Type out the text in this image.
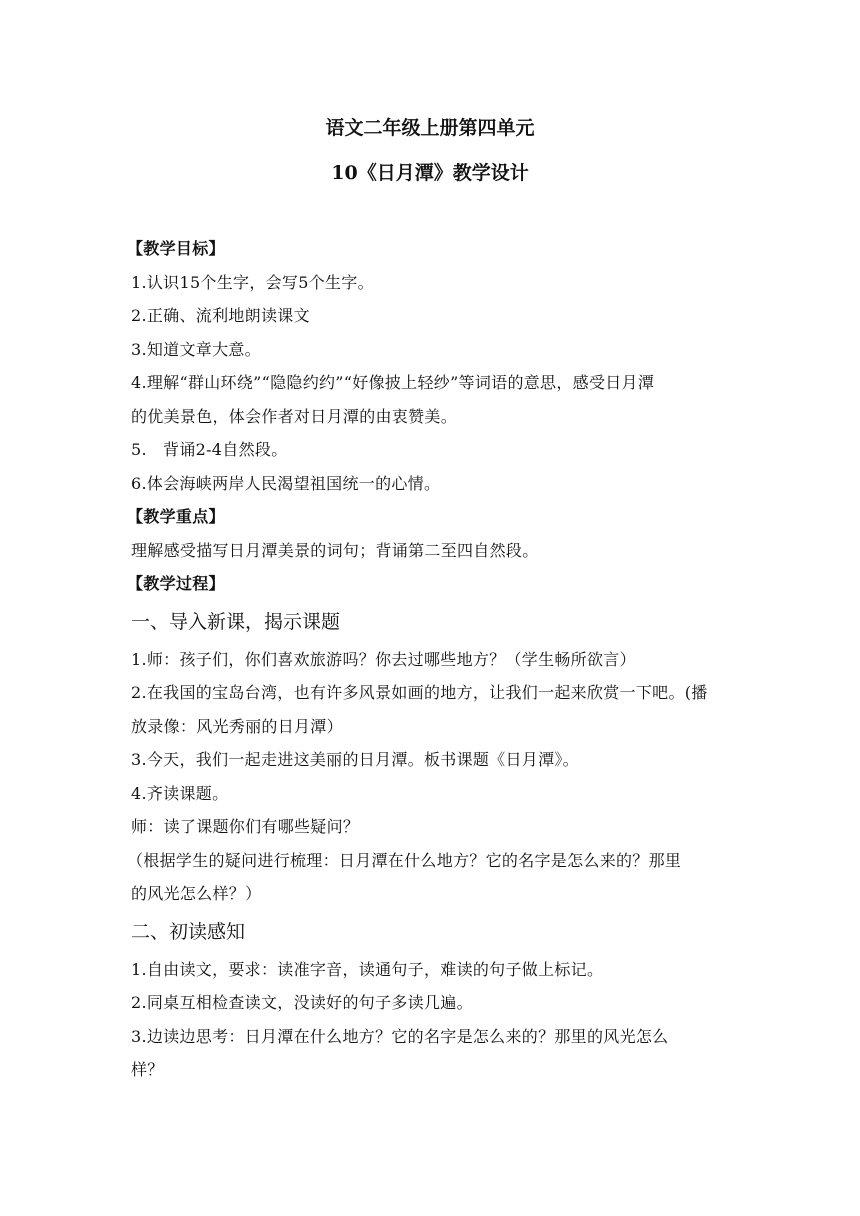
语文二年级上册第四单元
10《日月潭》教学设计
【教学目标】
1.认识15个生字，会写5个生字。
2.正确、流利地朗读课文
3.知道文章大意。
4.理解“群山环绕”“隐隐约约”“好像披上轻纱”等词语的意思，感受日月潭
的优美景色，体会作者对日月潭的由衷赞美。
5.   背诵2-4自然段。
6.体会海峡两岸人民渴望祖国统一的心情。
【教学重点】
理解感受描写日月潭美景的词句；背诵第二至四自然段。
【教学过程】
一、导入新课，揭示课题
1.师：孩子们，你们喜欢旅游吗？你去过哪些地方？（学生畅所欲言）
2.在我国的宝岛台湾，也有许多风景如画的地方，让我们一起来欣赏一下吧。(播
放录像：风光秀丽的日月潭）
3.今天，我们一起走进这美丽的日月潭。板书课题《日月潭》。
4.齐读课题。
师：读了课题你们有哪些疑问？
（根据学生的疑问进行梳理：日月潭在什么地方？它的名字是怎么来的？那里
的风光怎么样？）
二、初读感知
1.自由读文，要求：读准字音，读通句子，难读的句子做上标记。
2.同桌互相检查读文，没读好的句子多读几遍。
3.边读边思考：日月潭在什么地方？它的名字是怎么来的？那里的风光怎么
样？
